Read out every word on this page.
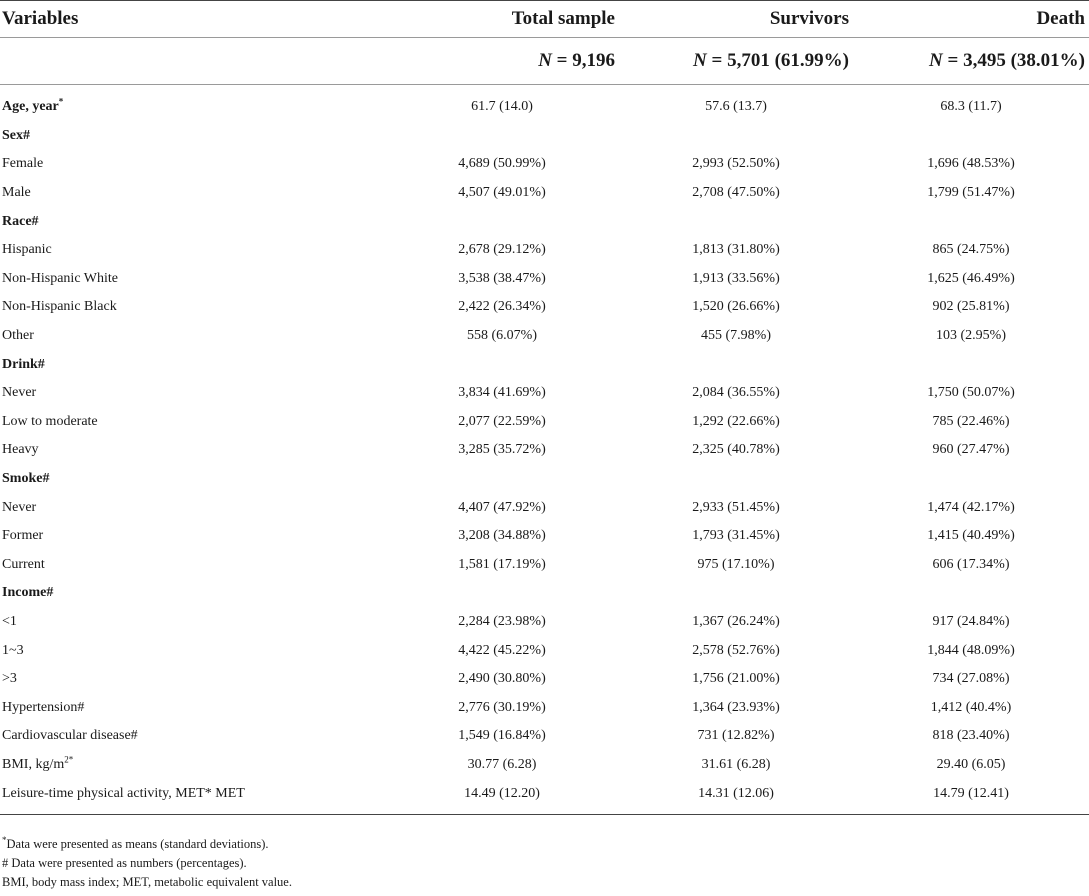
Variables	Total sample	Survivors	Death
	N = 9,196	N = 5,701 (61.99%)	N = 3,495 (38.01%)
Age, year*	61.7 (14.0)	57.6 (13.7)	68.3 (11.7)
Sex#			
Female	4,689 (50.99%)	2,993 (52.50%)	1,696 (48.53%)
Male	4,507 (49.01%)	2,708 (47.50%)	1,799 (51.47%)
Race#			
Hispanic	2,678 (29.12%)	1,813 (31.80%)	865 (24.75%)
Non-Hispanic White	3,538 (38.47%)	1,913 (33.56%)	1,625 (46.49%)
Non-Hispanic Black	2,422 (26.34%)	1,520 (26.66%)	902 (25.81%)
Other	558 (6.07%)	455 (7.98%)	103 (2.95%)
Drink#			
Never	3,834 (41.69%)	2,084 (36.55%)	1,750 (50.07%)
Low to moderate	2,077 (22.59%)	1,292 (22.66%)	785 (22.46%)
Heavy	3,285 (35.72%)	2,325 (40.78%)	960 (27.47%)
Smoke#			
Never	4,407 (47.92%)	2,933 (51.45%)	1,474 (42.17%)
Former	3,208 (34.88%)	1,793 (31.45%)	1,415 (40.49%)
Current	1,581 (17.19%)	975 (17.10%)	606 (17.34%)
Income#			
<1	2,284 (23.98%)	1,367 (26.24%)	917 (24.84%)
1~3	4,422 (45.22%)	2,578 (52.76%)	1,844 (48.09%)
>3	2,490 (30.80%)	1,756 (21.00%)	734 (27.08%)
Hypertension#	2,776 (30.19%)	1,364 (23.93%)	1,412 (40.4%)
Cardiovascular disease#	1,549 (16.84%)	731 (12.82%)	818 (23.40%)
BMI, $kg/m^{2*}$	30.77 (6.28)	31.61 (6.28)	29.40 (6.05)
Leisure-time physical activity, MET* MET	14.49 (12.20)	14.31 (12.06)	14.79 (12.41)
*Data were presented as means (standard deviations).
# Data were presented as numbers (percentages).
BMI, body mass index; MET, metabolic equivalent value.
